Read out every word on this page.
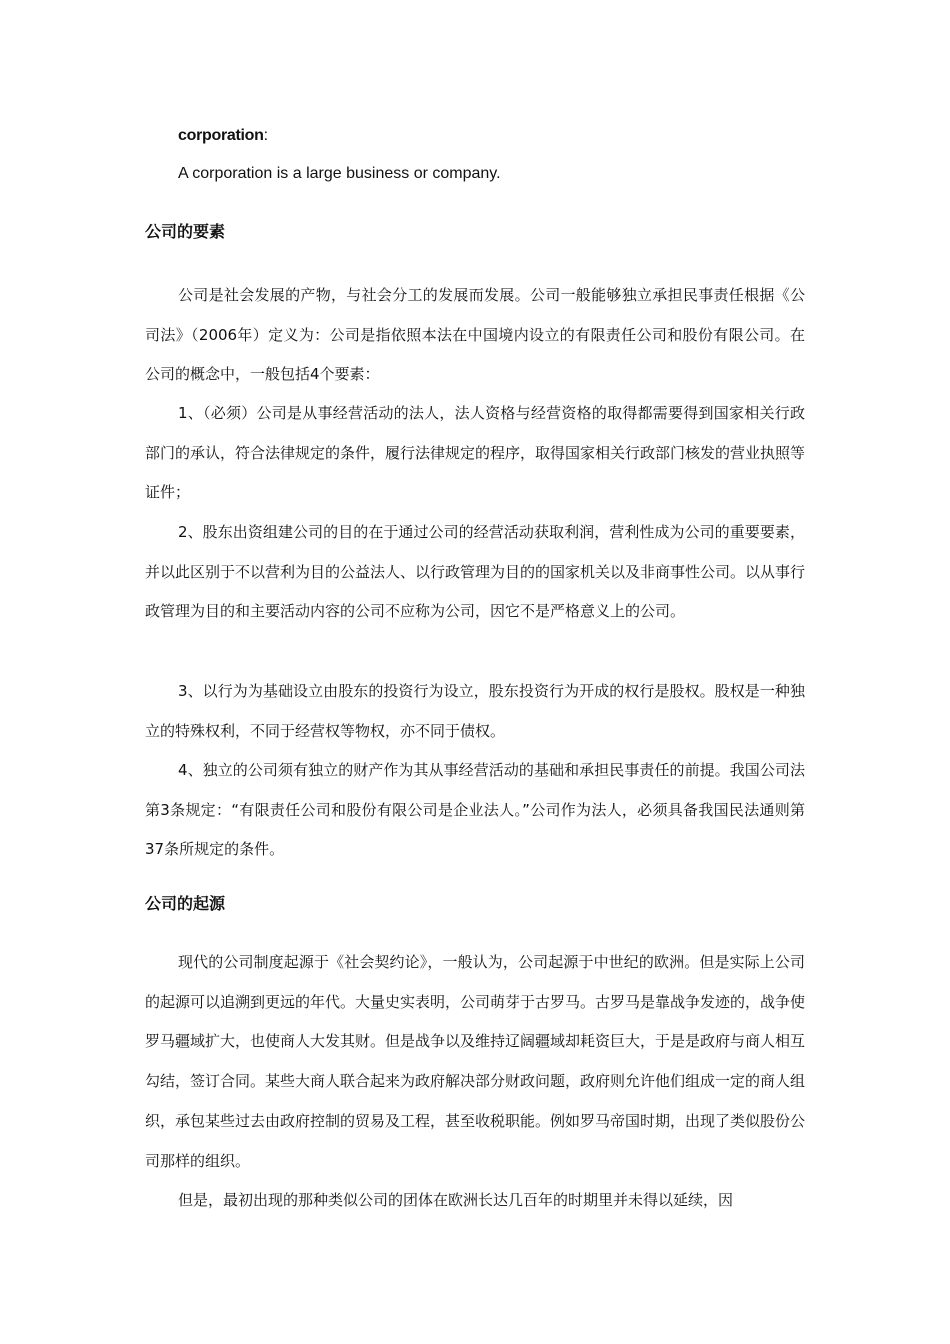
corporation:
A corporation is a large business or company.
公司的要素

公司是社会发展的产物，与社会分工的发展而发展。公司一般能够独立承担民事责任根据《公司法》（2006年）定义为：公司是指依照本法在中国境内设立的有限责任公司和股份有限公司。在公司的概念中，一般包括4个要素：

1、（必须）公司是从事经营活动的法人，法人资格与经营资格的取得都需要得到国家相关行政部门的承认，符合法律规定的条件，履行法律规定的程序，取得国家相关行政部门核发的营业执照等证件；

2、股东出资组建公司的目的在于通过公司的经营活动获取利润，营利性成为公司的重要要素，并以此区别于不以营利为目的公益法人、以行政管理为目的的国家机关以及非商事性公司。以从事行政管理为目的和主要活动内容的公司不应称为公司，因它不是严格意义上的公司。

3、以行为为基础设立由股东的投资行为设立，股东投资行为开成的权行是股权。股权是一种独立的特殊权利，不同于经营权等物权，亦不同于债权。

4、独立的公司须有独立的财产作为其从事经营活动的基础和承担民事责任的前提。我国公司法第3条规定：“有限责任公司和股份有限公司是企业法人。”公司作为法人，必须具备我国民法通则第37条所规定的条件。

公司的起源

现代的公司制度起源于《社会契约论》，一般认为，公司起源于中世纪的欧洲。但是实际上公司的起源可以追溯到更远的年代。大量史实表明，公司萌芽于古罗马。古罗马是靠战争发迹的，战争使罗马疆域扩大，也使商人大发其财。但是战争以及维持辽阔疆域却耗资巨大，于是是政府与商人相互勾结，签订合同。某些大商人联合起来为政府解决部分财政问题，政府则允许他们组成一定的商人组织，承包某些过去由政府控制的贸易及工程，甚至收税职能。例如罗马帝国时期，出现了类似股份公司那样的组织。

但是，最初出现的那种类似公司的团体在欧洲长达几百年的时期里并未得以延续，因
